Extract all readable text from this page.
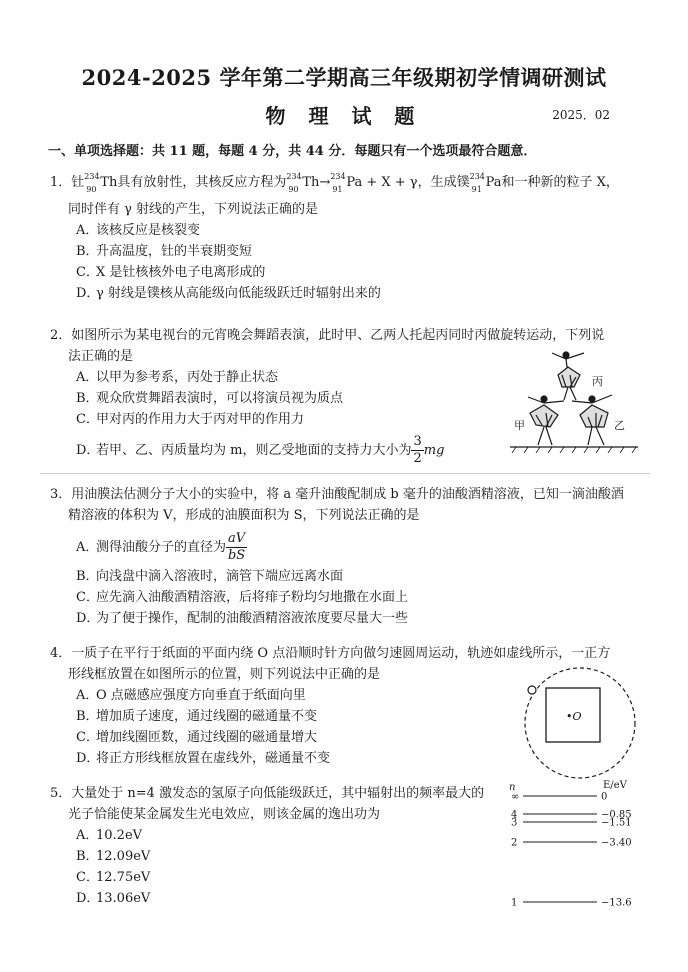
2024-2025 学年第二学期高三年级期初学情调研测试
物 理 试 题	2025．02
一、单项选择题：共 11 题，每题 4 分，共 44 分．每题只有一个选项最符合题意．
1．钍 234
90 Th具有放射性，其核反应方程为 234
90 Th→ 234
91 Pa + X + γ，生成镤 234
91 Pa和一种新的粒子 X，
同时伴有 γ 射线的产生，下列说法正确的是
A．该核反应是核裂变
B．升高温度，钍的半衰期变短
C．X 是钍核核外电子电离形成的
D．γ 射线是镤核从高能级向低能级跃迁时辐射出来的
2．如图所示为某电视台的元宵晚会舞蹈表演，此时甲、乙两人托起丙同时丙做旋转运动，下列说
法正确的是
A．以甲为参考系，丙处于静止状态
B．观众欣赏舞蹈表演时，可以将演员视为质点
C．甲对丙的作用力大于丙对甲的作用力
D．若甲、乙、丙质量均为 m，则乙受地面的支持力大小为 $\frac{3}{2}$ mg
丙
甲	乙
3．用油膜法估测分子大小的实验中，将 a 毫升油酸配制成 b 毫升的油酸酒精溶液，已知一滴油酸酒
精溶液的体积为 V，形成的油膜面积为 S，下列说法正确的是
A．测得油酸分子的直径为 $\frac{aV}{bS}$
B．向浅盘中滴入溶液时，滴管下端应远离水面
C．应先滴入油酸酒精溶液，后将痱子粉均匀地撒在水面上
D．为了便于操作，配制的油酸酒精溶液浓度要尽量大一些
4．一质子在平行于纸面的平面内绕 O 点沿顺时针方向做匀速圆周运动，轨迹如虚线所示，一正方
形线框放置在如图所示的位置，则下列说法中正确的是
A．O 点磁感应强度方向垂直于纸面向里
B．增加质子速度，通过线圈的磁通量不变
C．增加线圈匝数，通过线圈的磁通量增大
D．将正方形线框放置在虚线外，磁通量不变
•O
5．大量处于 n=4 激发态的氢原子向低能级跃迁，其中辐射出的频率最大的
光子恰能使某金属发生光电效应，则该金属的逸出功为
A．10.2eV
B．12.09eV
C．12.75eV
D．13.06eV
n	E/eV
∞	0
4	−0.85
3	−1.51
2	−3.40
1	−13.6
